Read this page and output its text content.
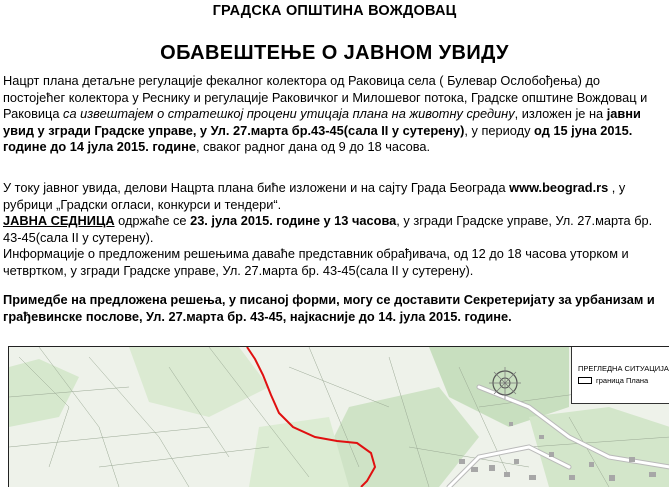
ГРАДСКА ОПШТИНА ВОЖДОВАЦ
ОБАВЕШТЕЊЕ О ЈАВНОМ УВИДУ
Нацрт плана детаљне регулације фекалног колектора од Раковица села ( Булевар Ослобођења) до постојећег колектора у Реснику и регулације Раковичког и Милошевог потока, Градске општине Вождовац и Раковица са извештајем о стратешкој процени утицаја плана на животну средину, изложен је на јавни увид у згради Градске управе, у Ул. 27.марта бр.43-45(сала II у сутерену), у периоду од 15 јуна 2015. године до 14 јула 2015. године, сваког радног дана од 9 до 18 часова.
У току јавног увида, делови Нацрта плана биће изложени и на сајту Града Београда www.beograd.rs , у рубрици „Градски огласи, конкурси и тендери“.
ЈАВНА СЕДНИЦА одржаће се 23. јула 2015. године у 13 часова, у згради Градске управе, Ул. 27.марта бр. 43-45(сала II у сутерену).
Информације о предложеним решењима даваће представник обрађивача, од 12 до 18 часова уторком и четвртком, у згради Градске управе, Ул. 27.марта бр. 43-45(сала II у сутерену).
Примедбе на предложена решења, у писаној форми, могу се доставити Секретеријату за урбанизам и грађевинске послове, Ул. 27.марта бр. 43-45, најкасније до 14. јула 2015. године.
ПРЕГЛЕДНА СИТУАЦИЈА
граница Плана
